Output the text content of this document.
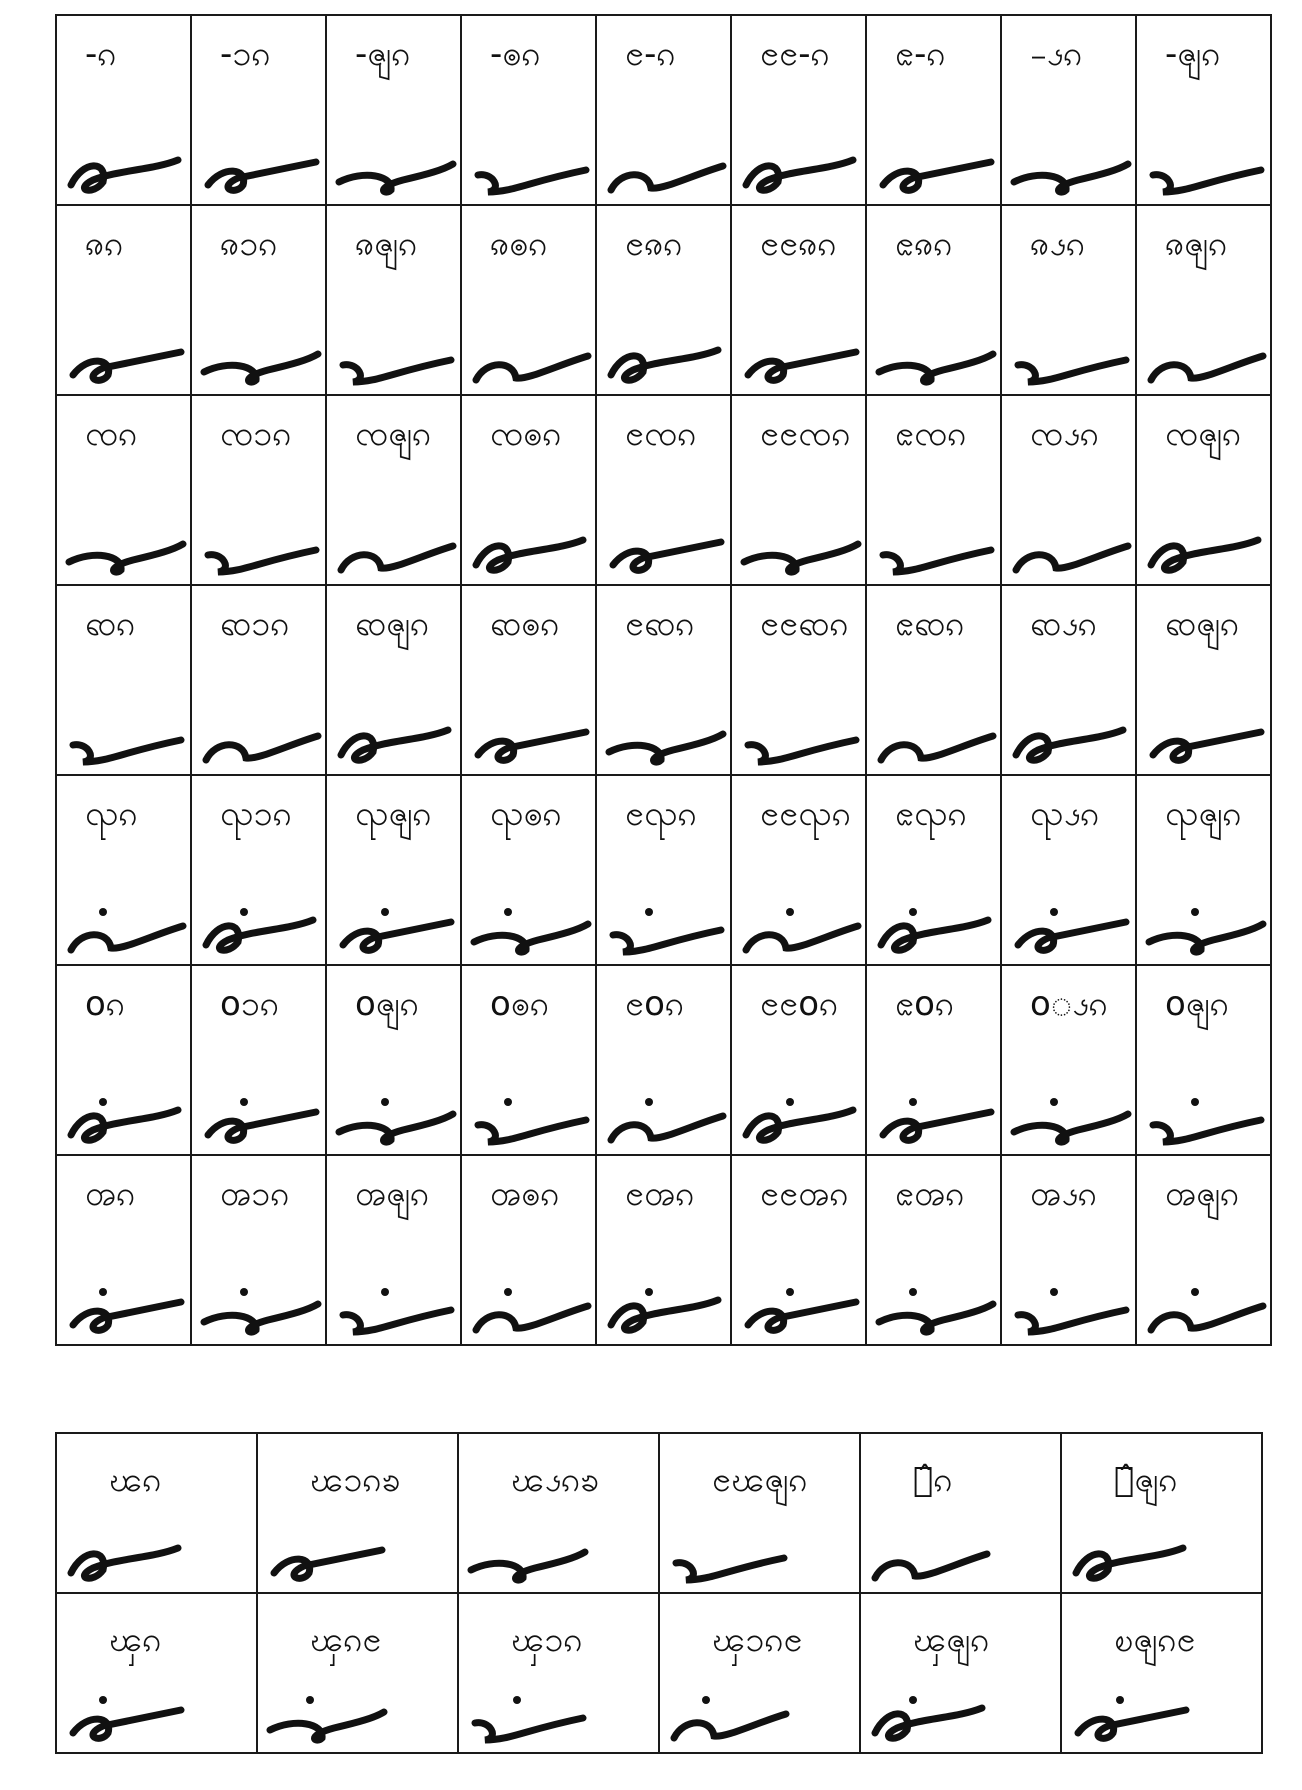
-ၵ	-ၥၵ	-ၛၵ	-ၜၵ	ၔ-ၵ	ၔၔ-ၵ	ၕ-ၵ	-ၖၵ	-ၛၵ

ၷၵ	ၷၥၵ	ၷၛၵ	ၷၜၵ	ၔၷၵ	ၔၔၷၵ	ၕၷၵ	ၷၖၵ	ၷၛၵ

ၸၵ	ၸၥၵ	ၸၛၵ	ၸၜၵ	ၔၸၵ	ၔၔၸၵ	ၕၸၵ	ၸၖၵ	ၸၛၵ

ၹၵ	ၹၥၵ	ၹၛၵ	ၹၜၵ	ၔၹၵ	ၔၔၹၵ	ၕၹၵ	ၹၖၵ	ၹၛၵ

ၺၵ	ၺၥၵ	ၺၛၵ	ၺၜၵ	ၔၺၵ	ၔၔၺၵ	ၕၺၵ	ၺၖၵ	ၺၛၵ

oၵ	oၥၵ	oၛၵ	oၜၵ	ၔoၵ	ၔၔoၵ	ၕoၵ	oၖၵ	oၛၵ

ၻၵ	ၻၥၵ	ၻၛၵ	ၻၜၵ	ၔၻၵ	ၔၔၻၵ	ၕၻၵ	ၻၖၵ	ၻၛၵ
ၽၵ	ၽၥၵၶ	ၽၖၵၶ	ၔၽၛၵ	ၽ̂ၵ	ၽ̂ၛၵ

ၾၵ	ၾၵၔ	ၾၥၵ	ၾၥၵၔ	ၾၛၵ	ၿၛၵၔ
